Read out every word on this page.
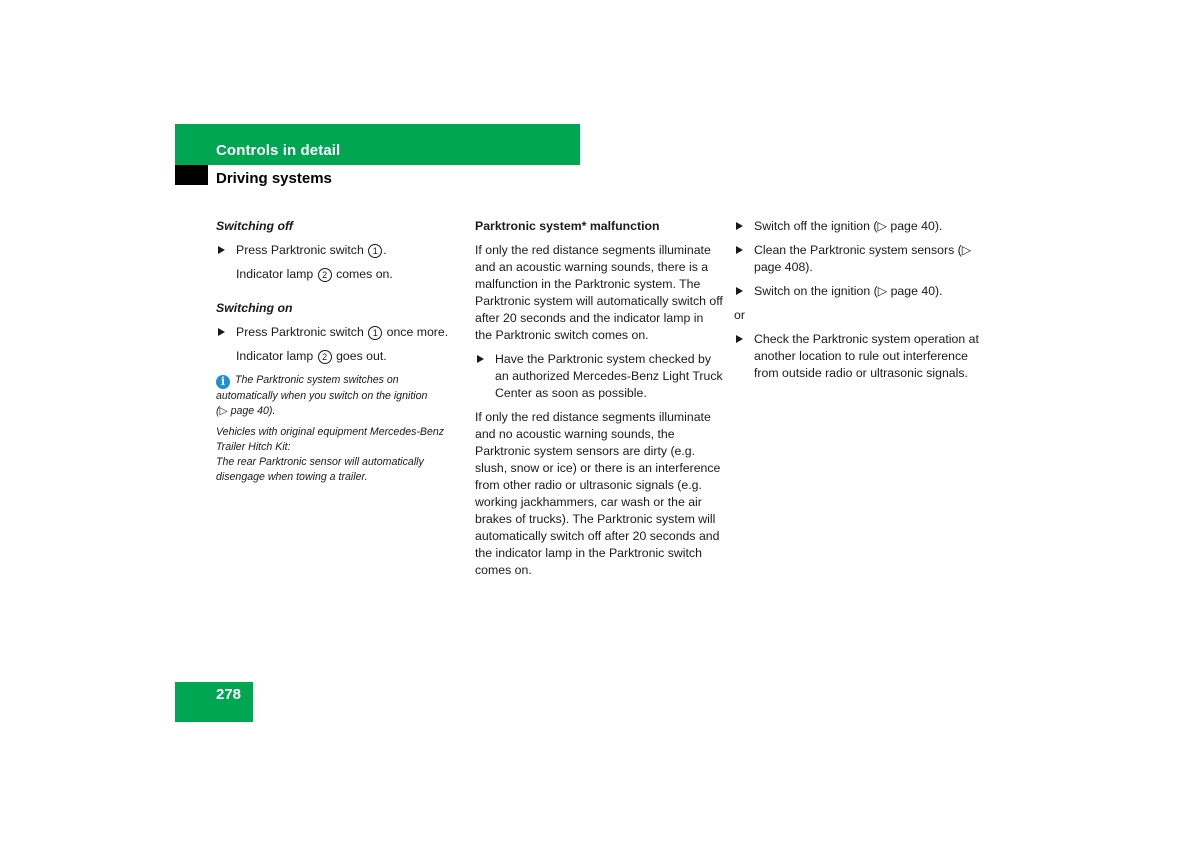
Controls in detail
Driving systems
Switching off
Press Parktronic switch 1 .
Indicator lamp 2 comes on.
Switching on
Press Parktronic switch 1 once more.
Indicator lamp 2 goes out.
i The Parktronic system switches on
automatically when you switch on the ignition
(▷ page 40).
Vehicles with original equipment Mercedes-Benz
Trailer Hitch Kit:
The rear Parktronic sensor will automatically
disengage when towing a trailer.
Parktronic system* malfunction
If only the red distance segments illuminate and an acoustic warning sounds, there is a malfunction in the Parktronic system. The Parktronic system will automatically switch off after 20 seconds and the indicator lamp in the Parktronic switch comes on.
Have the Parktronic system checked by an authorized Mercedes-Benz Light Truck Center as soon as possible.
If only the red distance segments illuminate and no acoustic warning sounds, the Parktronic system sensors are dirty (e.g. slush, snow or ice) or there is an interference from other radio or ultrasonic signals (e.g. working jackhammers, car wash or the air brakes of trucks). The Parktronic system will automatically switch off after 20 seconds and the indicator lamp in the Parktronic switch comes on.
Switch off the ignition (▷ page 40).
Clean the Parktronic system sensors (▷ page 408).
Switch on the ignition (▷ page 40).
or
Check the Parktronic system operation at another location to rule out interference from outside radio or ultrasonic signals.
278
